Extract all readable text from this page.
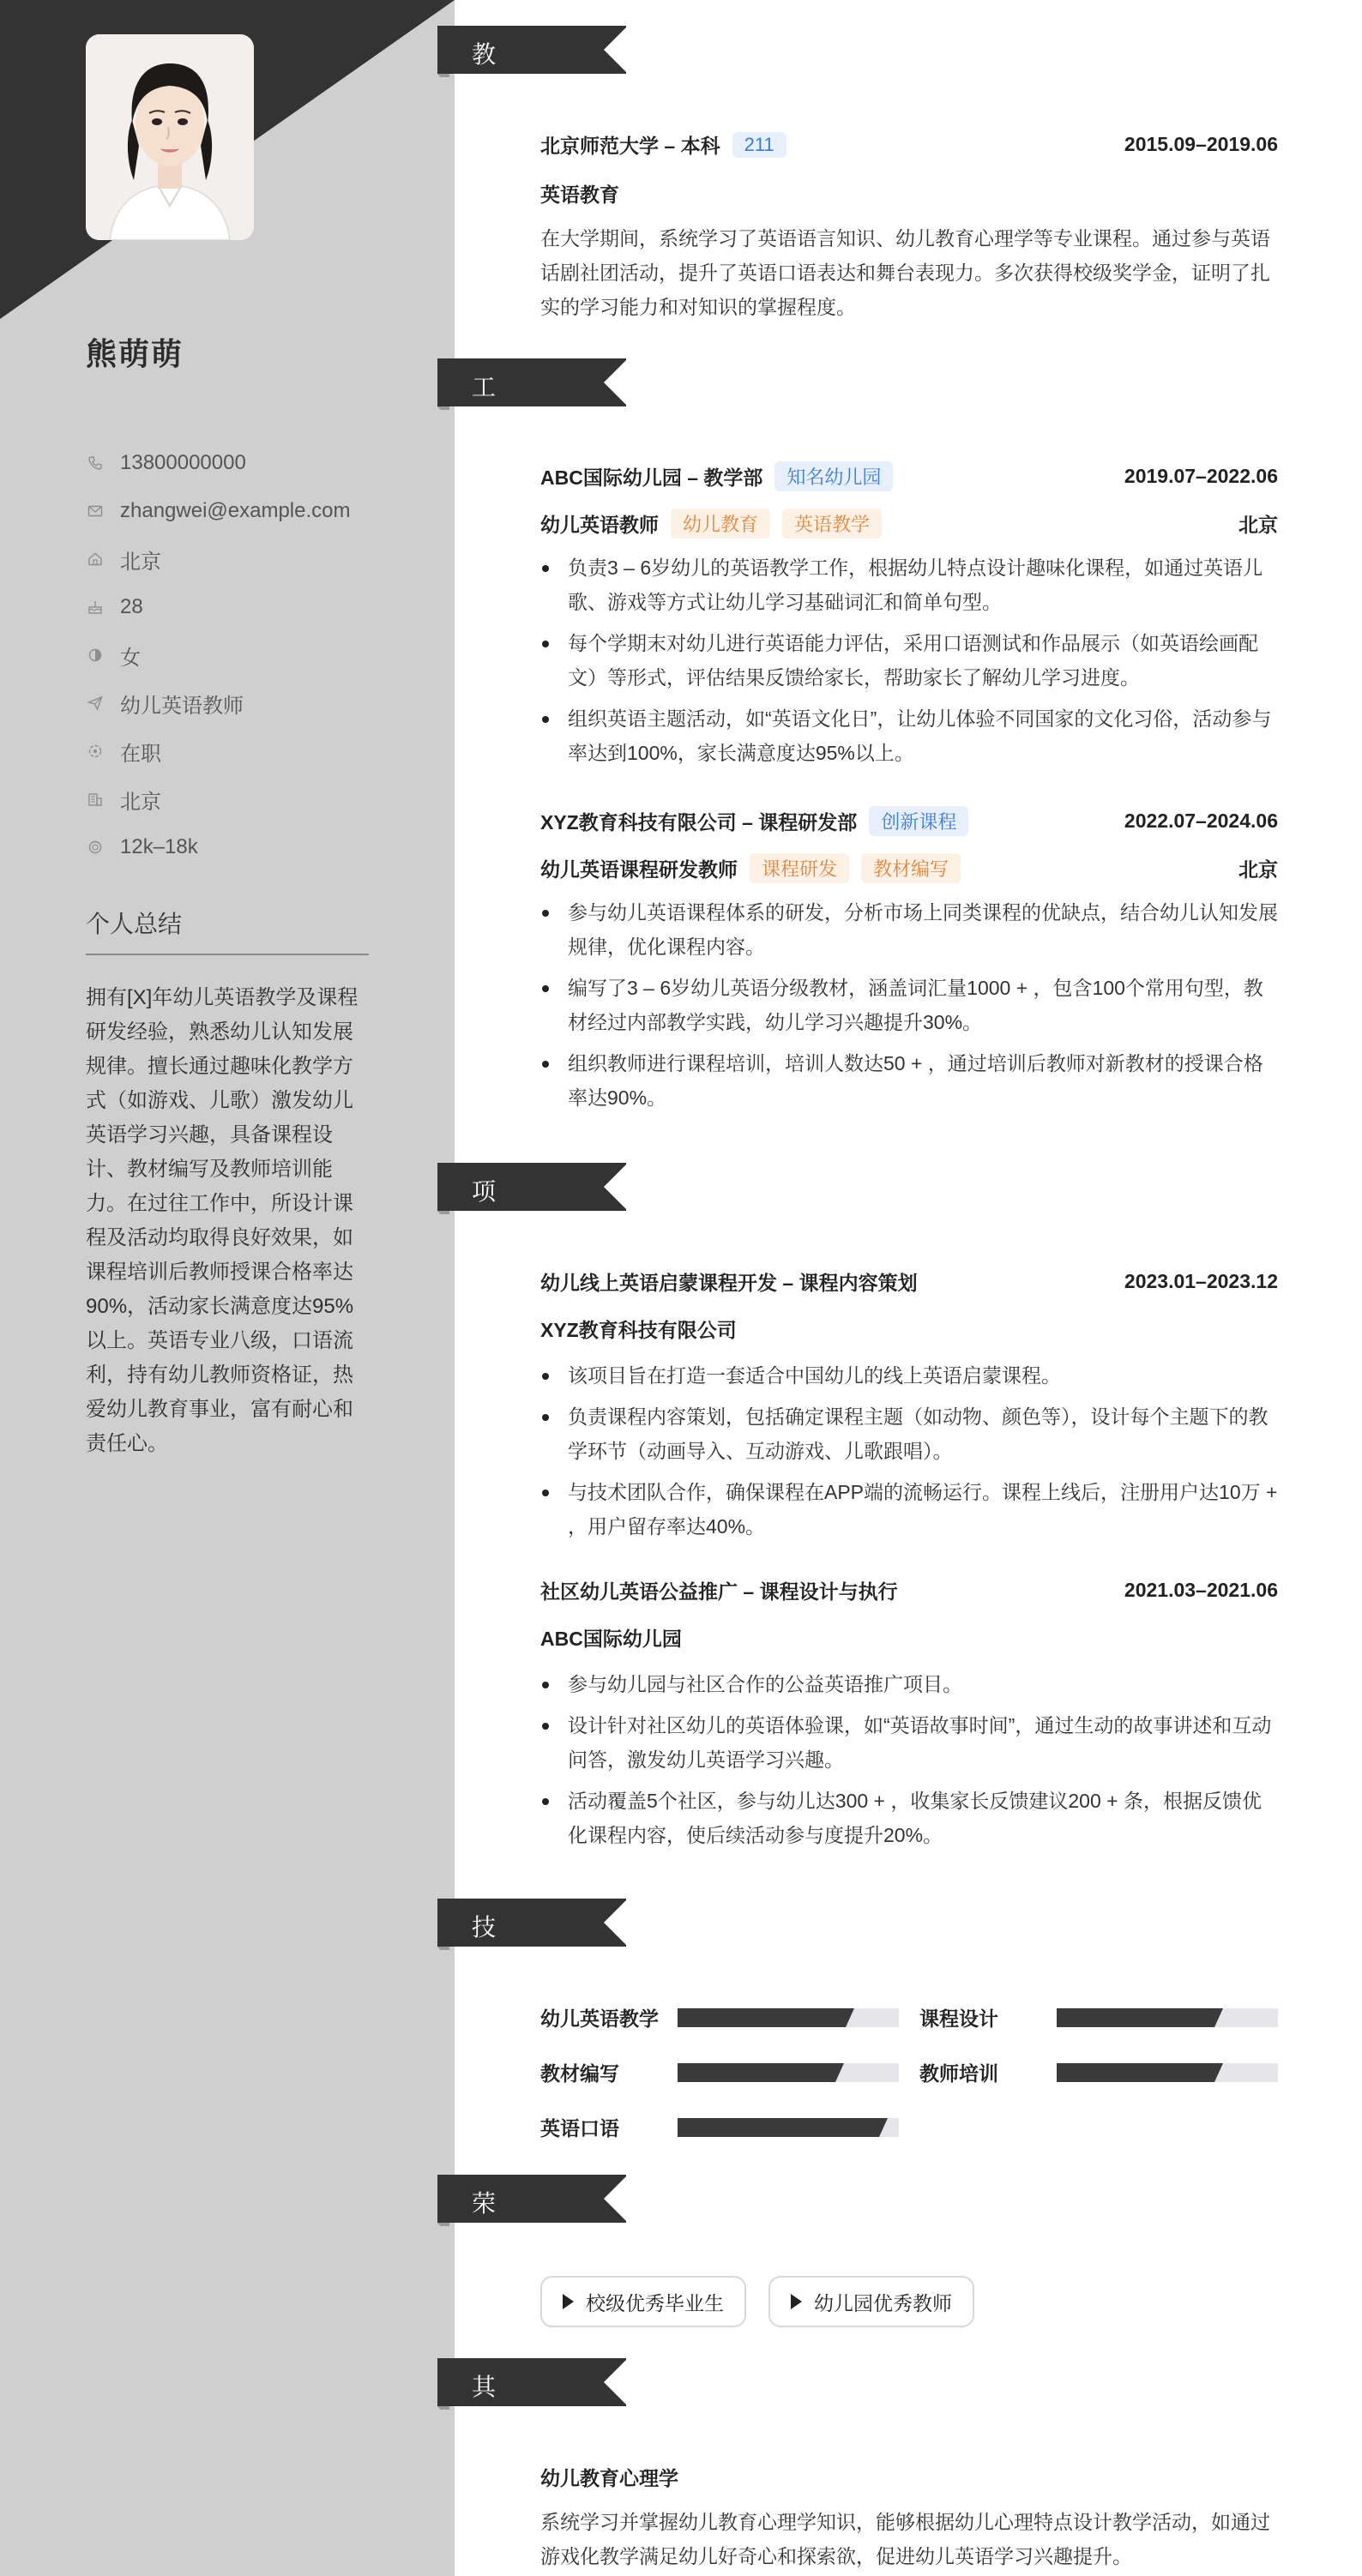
熊萌萌
13800000000
zhangwei@example.com
北京
28
女
幼儿英语教师
在职
北京
12k–18k
个人总结
拥有[X]年幼儿英语教学及课程研发经验，熟悉幼儿认知发展规律。擅长通过趣味化教学方式（如游戏、儿歌）激发幼儿英语学习兴趣，具备课程设计、教材编写及教师培训能力。在过往工作中，所设计课程及活动均取得良好效果，如课程培训后教师授课合格率达90%，活动家长满意度达95%以上。英语专业八级，口语流利，持有幼儿教师资格证，热爱幼儿教育事业，富有耐心和责任心。
教育经历 北京师范大学 – 本科	211	2015.09–2019.06
英语教育
在大学期间，系统学习了英语语言知识、幼儿教育心理学等专业课程。通过参与英语话剧社团活动，提升了英语口语表达和舞台表现力。多次获得校级奖学金，证明了扎实的学习能力和对知识的掌握程度。
工作经历 ABC国际幼儿园 – 教学部	知名幼儿园	2019.07–2022.06
幼儿英语教师	幼儿教育	英语教学	北京
负责3 – 6岁幼儿的英语教学工作，根据幼儿特点设计趣味化课程，如通过英语儿歌、游戏等方式让幼儿学习基础词汇和简单句型。
每个学期末对幼儿进行英语能力评估，采用口语测试和作品展示（如英语绘画配文）等形式，评估结果反馈给家长，帮助家长了解幼儿学习进度。
组织英语主题活动，如“英语文化日”，让幼儿体验不同国家的文化习俗，活动参与率达到100%，家长满意度达95%以上。
XYZ教育科技有限公司 – 课程研发部	创新课程	2022.07–2024.06
幼儿英语课程研发教师	课程研发	教材编写	北京
参与幼儿英语课程体系的研发，分析市场上同类课程的优缺点，结合幼儿认知发展规律，优化课程内容。
编写了3 – 6岁幼儿英语分级教材，涵盖词汇量1000 + ，包含100个常用句型，教材经过内部教学实践，幼儿学习兴趣提升30%。
组织教师进行课程培训，培训人数达50 + ，通过培训后教师对新教材的授课合格率达90%。
项目经历 幼儿线上英语启蒙课程开发 – 课程内容策划	2023.01–2023.12
XYZ教育科技有限公司
该项目旨在打造一套适合中国幼儿的线上英语启蒙课程。
负责课程内容策划，包括确定课程主题（如动物、颜色等），设计每个主题下的教学环节（动画导入、互动游戏、儿歌跟唱）。
与技术团队合作，确保课程在APP端的流畅运行。课程上线后，注册用户达10万 + ，用户留存率达40%。
社区幼儿英语公益推广 – 课程设计与执行	2021.03–2021.06
ABC国际幼儿园
参与幼儿园与社区合作的公益英语推广项目。
设计针对社区幼儿的英语体验课，如“英语故事时间”，通过生动的故事讲述和互动问答，激发幼儿英语学习兴趣。
活动覆盖5个社区，参与幼儿达300 + ，收集家长反馈建议200 + 条，根据反馈优化课程内容，使后续活动参与度提升20%。
技能专长 幼儿英语教学	课程设计
教材编写	教师培训
英语口语
荣誉奖项	校级优秀毕业生	幼儿园优秀教师
其他信息 幼儿教育心理学
系统学习并掌握幼儿教育心理学知识，能够根据幼儿心理特点设计教学活动，如通过游戏化教学满足幼儿好奇心和探索欲，促进幼儿英语学习兴趣提升。
